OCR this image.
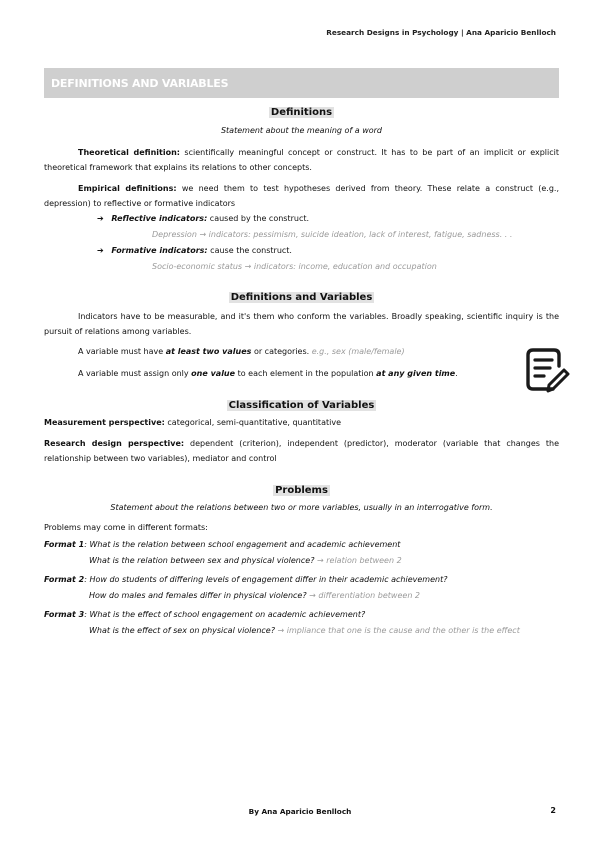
Research Designs in Psychology | Ana Aparicio Benlloch
DEFINITIONS AND VARIABLES
Definitions
Statement about the meaning of a word
Theoretical definition: scientifically meaningful concept or construct. It has to be part of an implicit or explicit theoretical framework that explains its relations to other concepts.
Empirical definitions: we need them to test hypotheses derived from theory. These relate a construct (e.g., depression) to reflective or formative indicators
➔ Reflective indicators: caused by the construct.
Depression → indicators: pessimism, suicide ideation, lack of interest, fatigue, sadness. . .
➔ Formative indicators: cause the construct.
Socio-economic status → indicators: income, education and occupation
Definitions and Variables
Indicators have to be measurable, and it's them who conform the variables. Broadly speaking, scientific inquiry is the pursuit of relations among variables.
A variable must have at least two values or categories. e.g., sex (male/female)
A variable must assign only one value to each element in the population at any given time.
Classification of Variables
Measurement perspective: categorical, semi-quantitative, quantitative
Research design perspective: dependent (criterion), independent (predictor), moderator (variable that changes the relationship between two variables), mediator and control
Problems
Statement about the relations between two or more variables, usually in an interrogative form.
Problems may come in different formats:
Format 1: What is the relation between school engagement and academic achievement
What is the relation between sex and physical violence? → relation between 2
Format 2: How do students of differing levels of engagement differ in their academic achievement?
How do males and females differ in physical violence? → differentiation between 2
Format 3: What is the effect of school engagement on academic achievement?
What is the effect of sex on physical violence? → impliance that one is the cause and the other is the effect
By Ana Aparicio Benlloch	2
